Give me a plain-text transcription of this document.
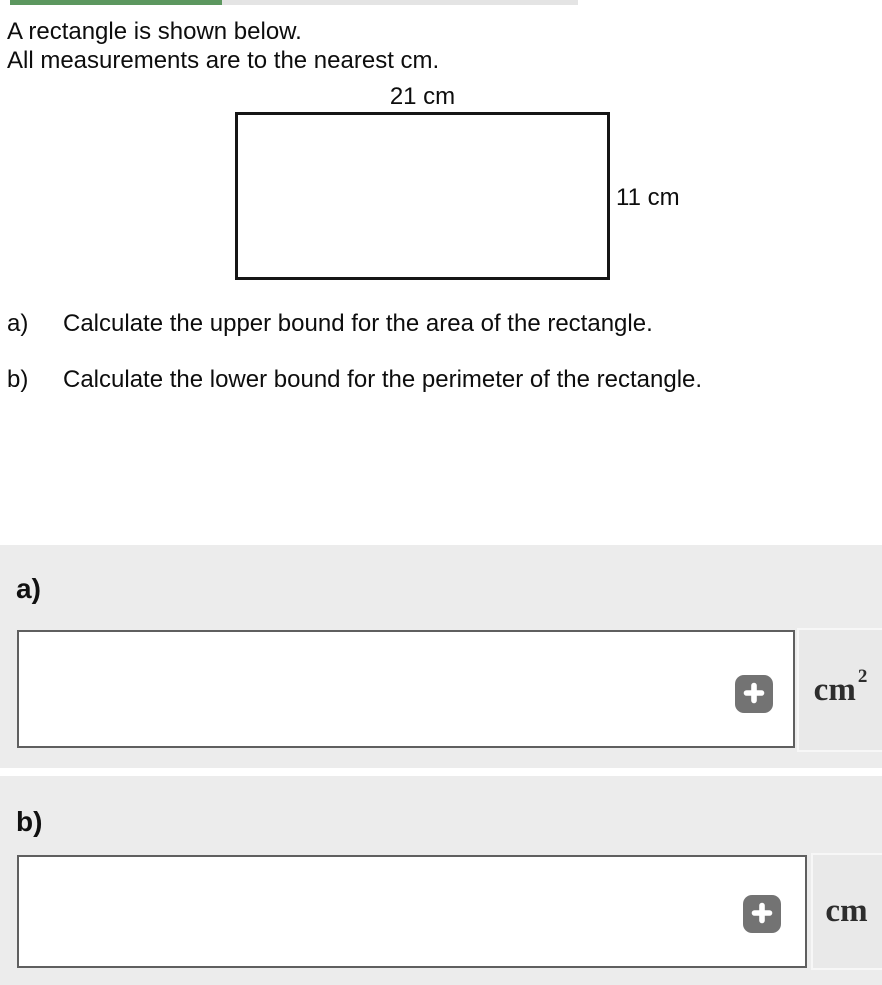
A rectangle is shown below.
All measurements are to the nearest cm.
21 cm
11 cm
a) Calculate the upper bound for the area of the rectangle.
b) Calculate the lower bound for the perimeter of the rectangle.
a)
$cm^2$
b)
cm
